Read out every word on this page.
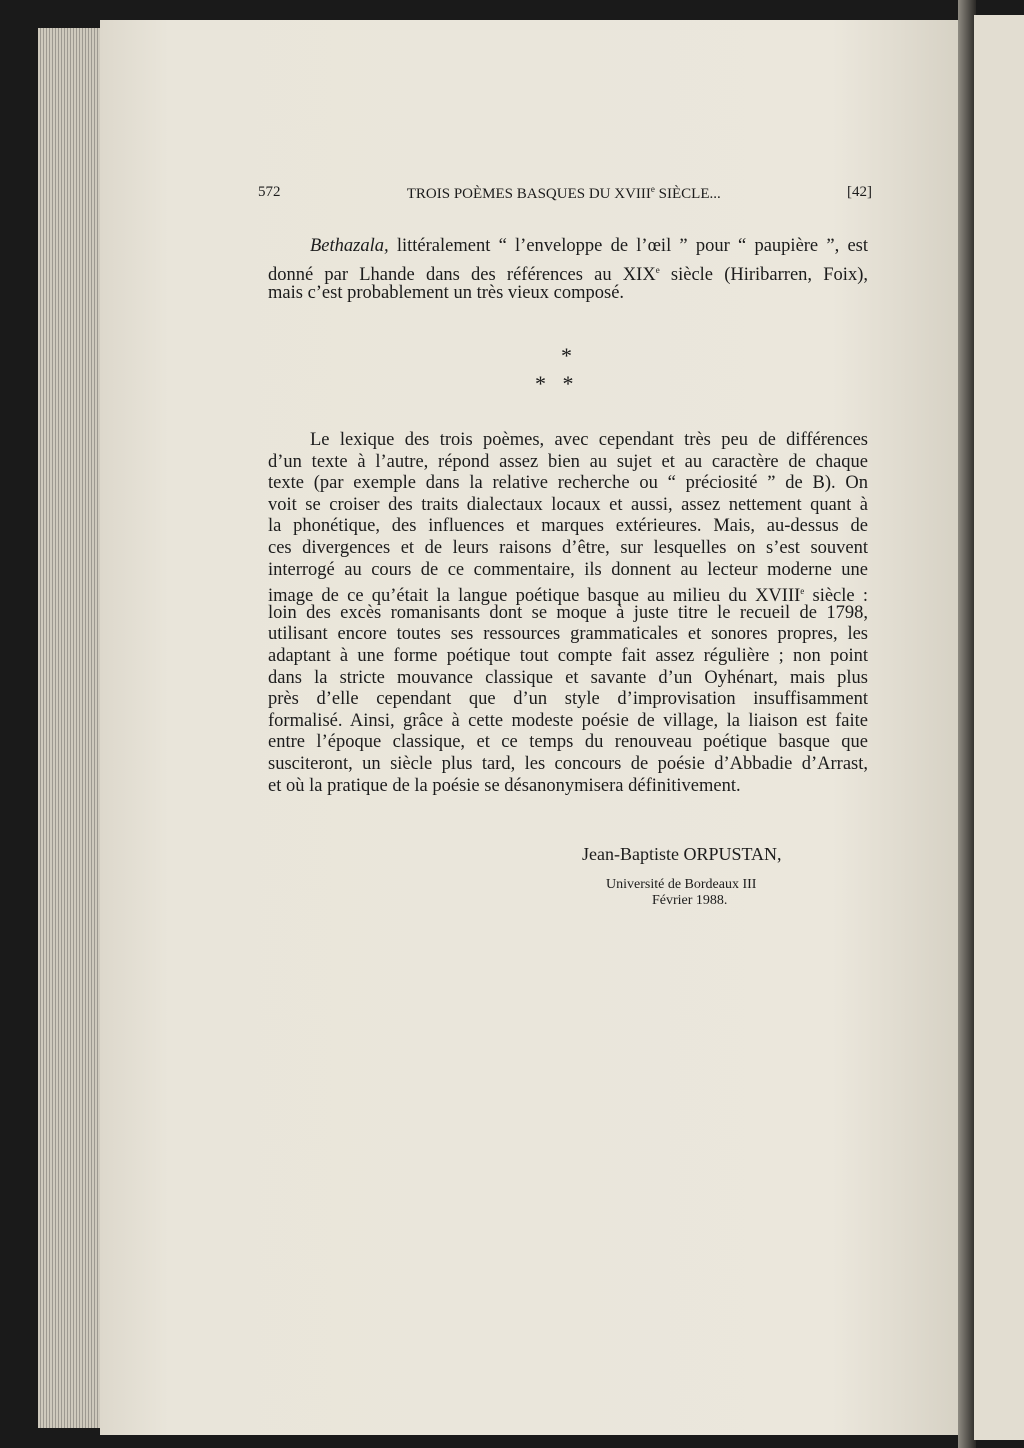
572	TROIS POÈMES BASQUES DU XVIIIe SIÈCLE...	[42]
Bethazala, littéralement “ l’enveloppe de l’œil ” pour “ paupière ”, est
donné par Lhande dans des références au XIXe siècle (Hiribarren, Foix),
mais c’est probablement un très vieux composé.
*
*   *
Le lexique des trois poèmes, avec cependant très peu de différences
d’un texte à l’autre, répond assez bien au sujet et au caractère de chaque
texte (par exemple dans la relative recherche ou “ préciosité ” de B). On
voit se croiser des traits dialectaux locaux et aussi, assez nettement quant à
la phonétique, des influences et marques extérieures. Mais, au-dessus de
ces divergences et de leurs raisons d’être, sur lesquelles on s’est souvent
interrogé au cours de ce commentaire, ils donnent au lecteur moderne une
image de ce qu’était la langue poétique basque au milieu du XVIIIe siècle :
loin des excès romanisants dont se moque à juste titre le recueil de 1798,
utilisant encore toutes ses ressources grammaticales et sonores propres, les
adaptant à une forme poétique tout compte fait assez régulière ; non point
dans la stricte mouvance classique et savante d’un Oyhénart, mais plus
près d’elle cependant que d’un style d’improvisation insuffisamment
formalisé. Ainsi, grâce à cette modeste poésie de village, la liaison est faite
entre l’époque classique, et ce temps du renouveau poétique basque que
susciteront, un siècle plus tard, les concours de poésie d’Abbadie d’Arrast,
et où la pratique de la poésie se désanonymisera définitivement.
Jean-Baptiste ORPUSTAN,
Université de Bordeaux III
Février 1988.
